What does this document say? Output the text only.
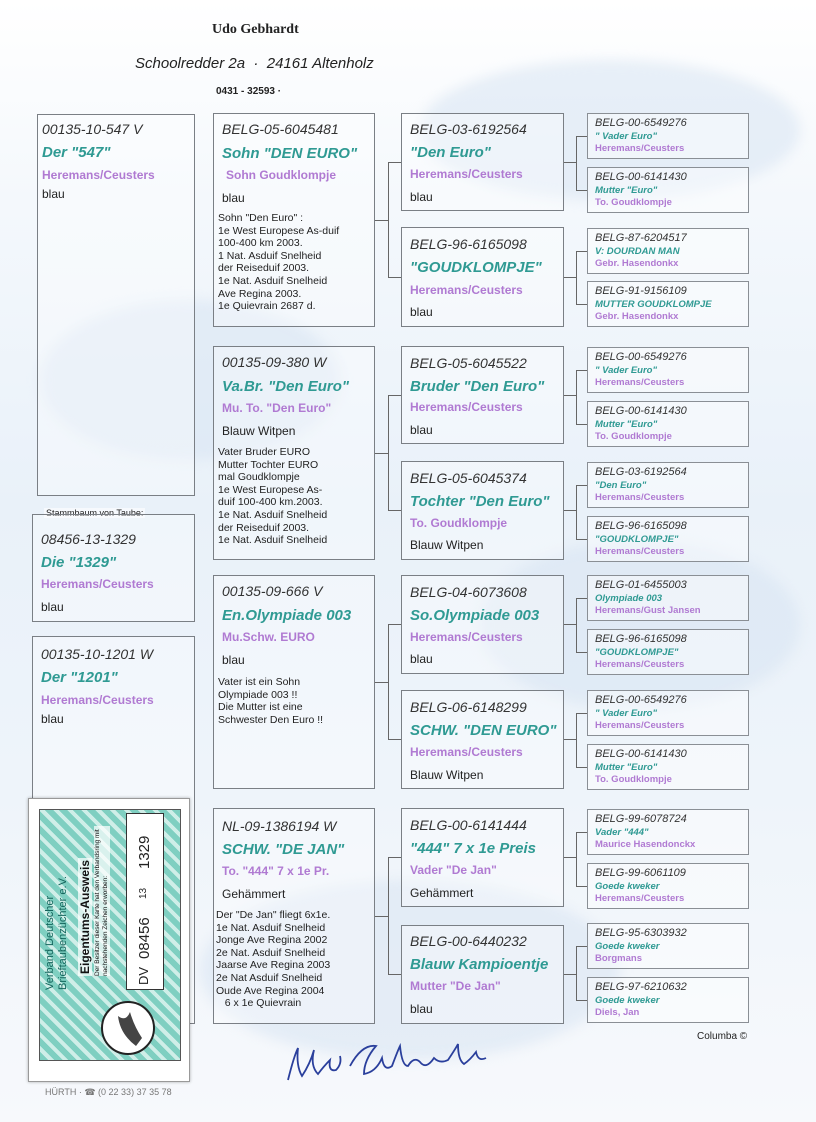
Udo Gebhardt
Schoolredder 2a  ·  24161 Altenholz
0431 - 32593 ·
00135-10-547 V
Der "547"
Heremans/Ceusters
blau
Stammbaum von Taube:
08456-13-1329
Die "1329"
Heremans/Ceusters
blau
00135-10-1201 W
Der "1201"
Heremans/Ceusters
blau
BELG-05-6045481
Sohn "DEN EURO"
Sohn Goudklompje
blau
Sohn "Den Euro" :
1e West Europese As-duif
100-400 km 2003.
1 Nat. Asduif Snelheid
der Reiseduif 2003.
1e Nat. Asduif Snelheid
Ave Regina 2003.
1e Quievrain 2687 d.
00135-09-380 W
Va.Br. "Den Euro"
Mu. To. "Den Euro"
Blauw Witpen
Vater Bruder EURO
Mutter Tochter EURO
mal Goudklompje
1e West Europese As-
duif 100-400 km.2003.
1e Nat. Asduif Snelheid
der Reiseduif 2003.
1e Nat. Asduif Snelheid
00135-09-666 V
En.Olympiade 003
Mu.Schw. EURO
blau
Vater ist ein Sohn
Olympiade 003 !!
Die Mutter ist eine
Schwester Den Euro !!
NL-09-1386194 W
SCHW. "DE JAN"
To. "444" 7 x 1e Pr.
Gehämmert
Der "De Jan" fliegt 6x1e.
1e Nat. Asduif Snelheid
Jonge Ave Regina 2002
2e Nat. Asduif Snelheid
Jaarse Ave Regina 2003
2e Nat Asduif Snelheid
Oude Ave Regina 2004
6 x 1e Quievrain
BELG-03-6192564
"Den Euro"
Heremans/Ceusters
blau
BELG-96-6165098
"GOUDKLOMPJE"
Heremans/Ceusters
blau
BELG-05-6045522
Bruder "Den Euro"
Heremans/Ceusters
blau
BELG-05-6045374
Tochter "Den Euro"
To. Goudklompje
Blauw Witpen
BELG-04-6073608
So.Olympiade 003
Heremans/Ceusters
blau
BELG-06-6148299
SCHW. "DEN EURO"
Heremans/Ceusters
Blauw Witpen
BELG-00-6141444
"444" 7 x 1e Preis
Vader "De Jan"
Gehämmert
BELG-00-6440232
Blauw Kampioentje
Mutter "De Jan"
blau
BELG-00-6549276
" Vader Euro"
Heremans/Ceusters
BELG-00-6141430
Mutter "Euro"
To. Goudklompje
BELG-87-6204517
V: DOURDAN MAN
Gebr. Hasendonkx
BELG-91-9156109
MUTTER GOUDKLOMPJE
Gebr. Hasendonkx
BELG-00-6549276
" Vader Euro"
Heremans/Ceusters
BELG-00-6141430
Mutter "Euro"
To. Goudklompje
BELG-03-6192564
"Den Euro"
Heremans/Ceusters
BELG-96-6165098
"GOUDKLOMPJE"
Heremans/Ceusters
BELG-01-6455003
Olympiade 003
Heremans/Gust Jansen
BELG-96-6165098
"GOUDKLOMPJE"
Heremans/Ceusters
BELG-00-6549276
" Vader Euro"
Heremans/Ceusters
BELG-00-6141430
Mutter "Euro"
To. Goudklompje
BELG-99-6078724
Vader "444"
Maurice Hasendonckx
BELG-99-6061109
Goede kweker
Heremans/Ceusters
BELG-95-6303932
Goede kweker
Borgmans
BELG-97-6210632
Goede kweker
Diels, Jan
Verband Deutscher Brieftaubenzüchter e.V. Eigentums-Ausweis Der Besitzer dieser Karte hat den Verbandsring mit nachstehenden Zeichen erworben: DV
08456
13
1329
HÜRTH · ☎ (0 22 33) 37 35 78
Columba ©
Udo Gebhardt
